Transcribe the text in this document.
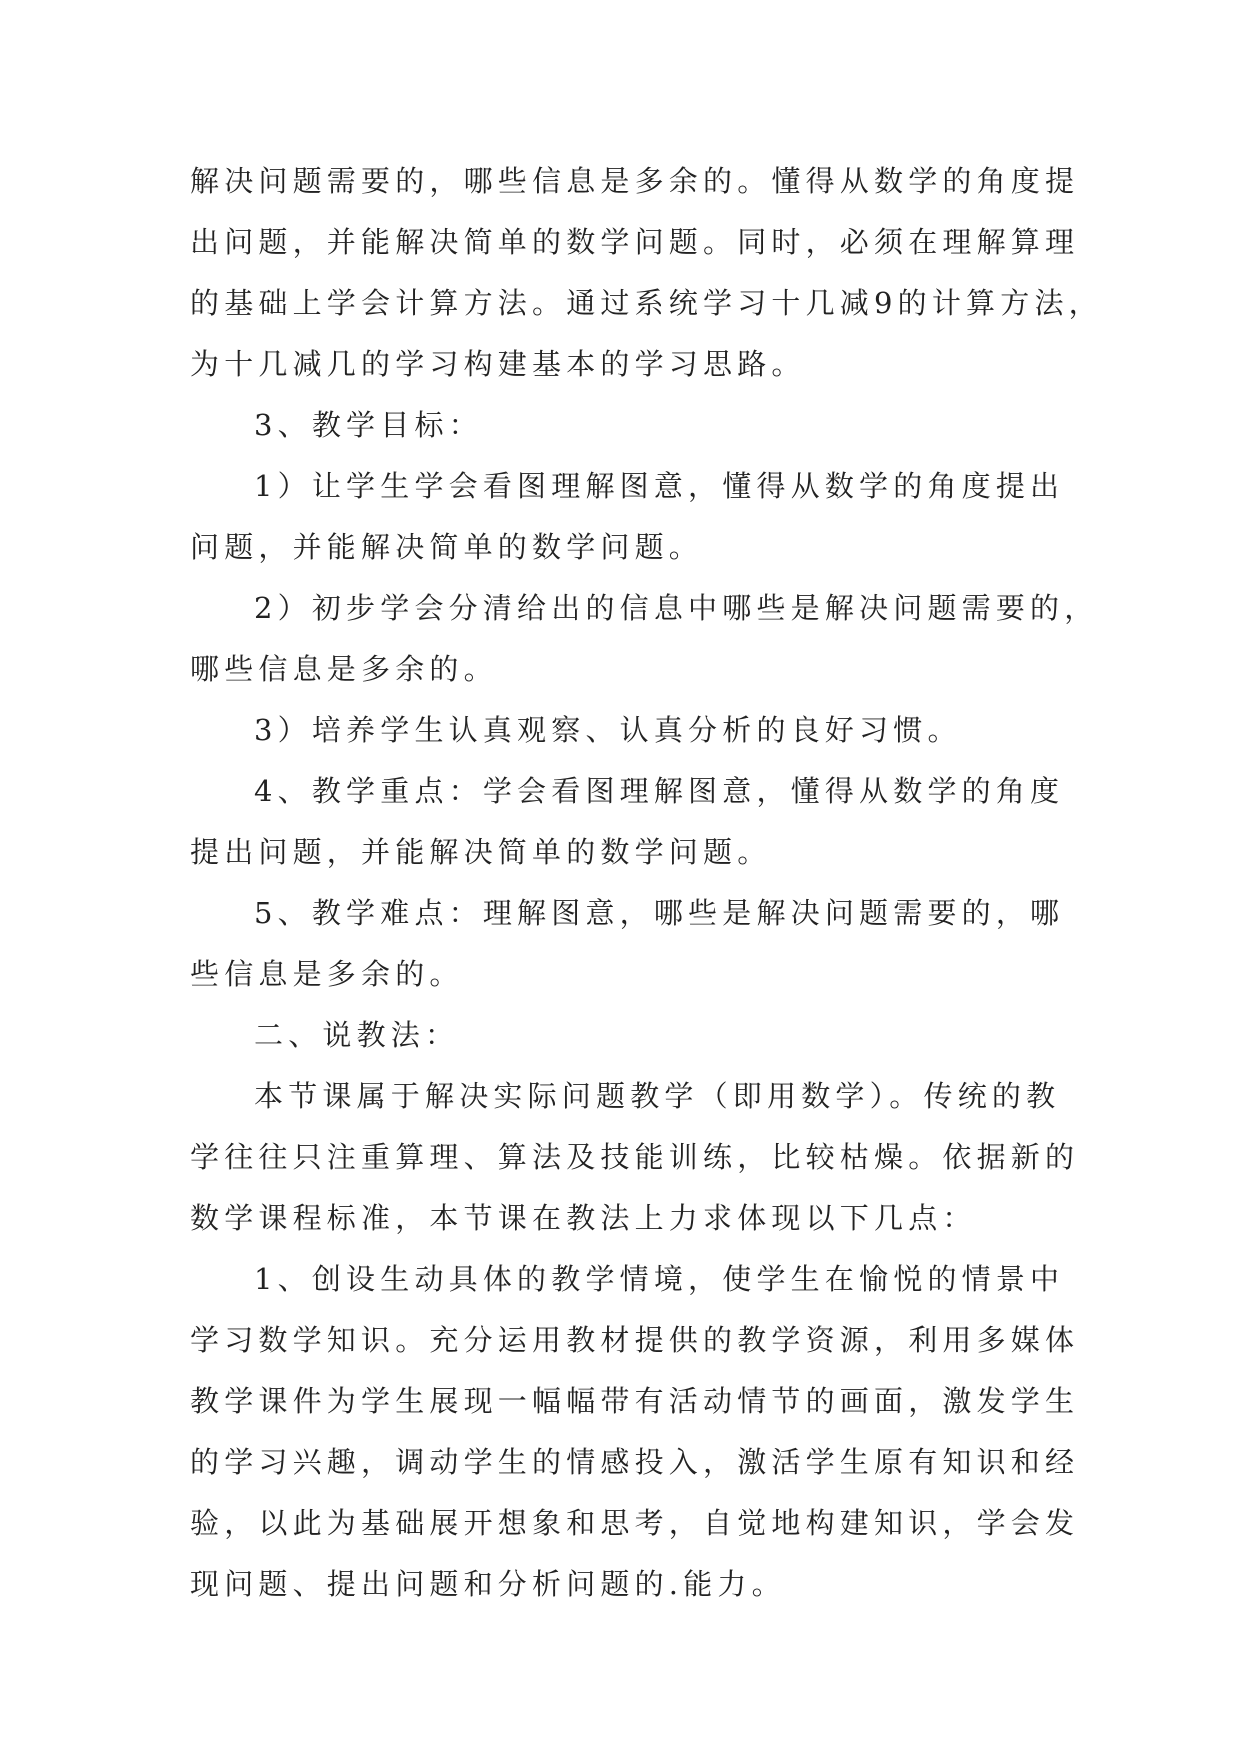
解决问题需要的，哪些信息是多余的。懂得从数学的角度提
出问题，并能解决简单的数学问题。同时，必须在理解算理
的基础上学会计算方法。通过系统学习十几减9的计算方法，
为十几减几的学习构建基本的学习思路。
3、教学目标：
1）让学生学会看图理解图意，懂得从数学的角度提出
问题，并能解决简单的数学问题。
2）初步学会分清给出的信息中哪些是解决问题需要的，
哪些信息是多余的。
3）培养学生认真观察、认真分析的良好习惯。
4、教学重点：学会看图理解图意，懂得从数学的角度
提出问题，并能解决简单的数学问题。
5、教学难点：理解图意，哪些是解决问题需要的，哪
些信息是多余的。
二、说教法：
本节课属于解决实际问题教学（即用数学）。传统的教
学往往只注重算理、算法及技能训练，比较枯燥。依据新的
数学课程标准，本节课在教法上力求体现以下几点：
1、创设生动具体的教学情境，使学生在愉悦的情景中
学习数学知识。充分运用教材提供的教学资源，利用多媒体
教学课件为学生展现一幅幅带有活动情节的画面，激发学生
的学习兴趣，调动学生的情感投入，激活学生原有知识和经
验，以此为基础展开想象和思考，自觉地构建知识，学会发
现问题、提出问题和分析问题的.能力。
